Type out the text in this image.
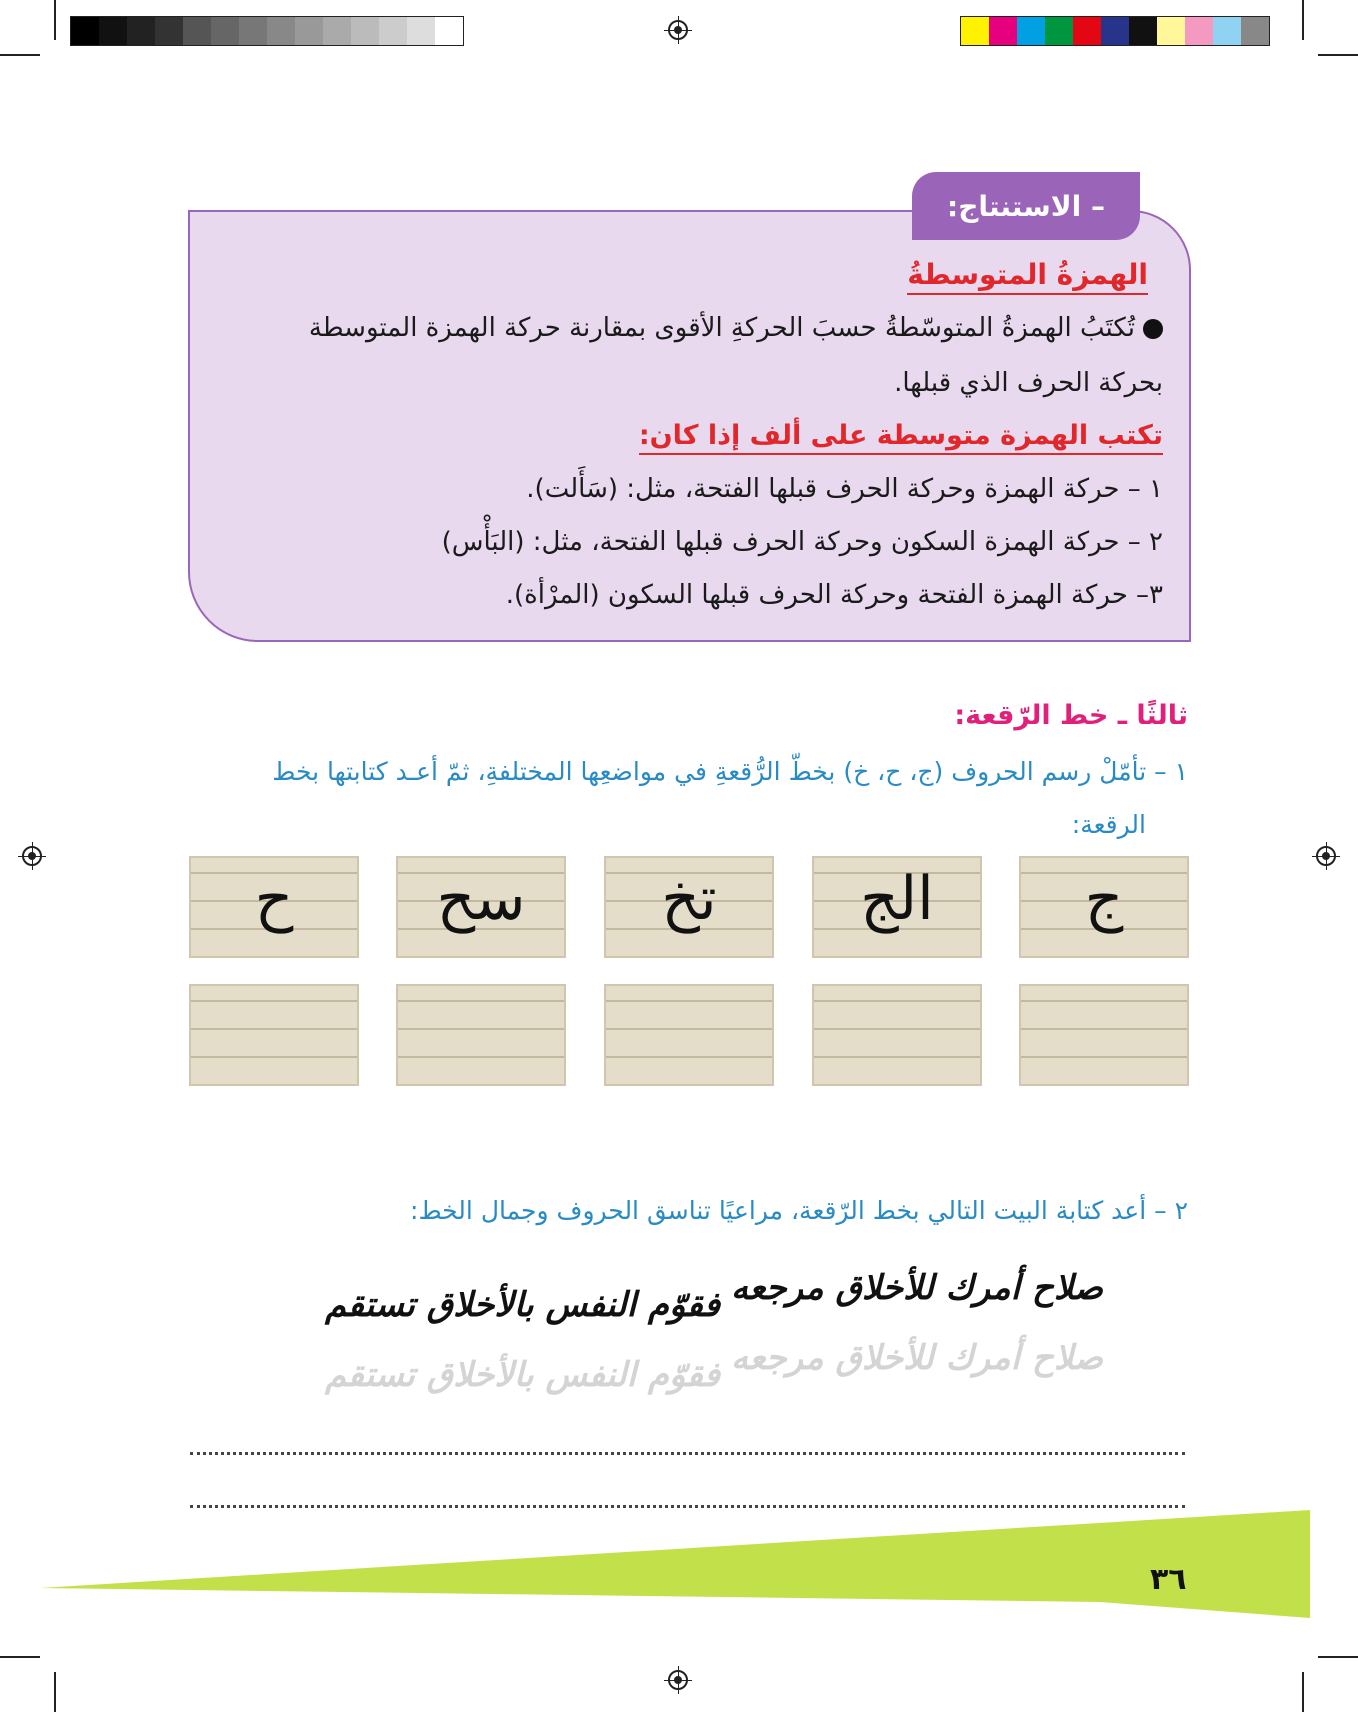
– الاستنتاج:
الهمزةُ المتوسطةُ
تُكتَبُ الهمزةُ المتوسّطةُ حسبَ الحركةِ الأقوى بمقارنة حركة الهمزة المتوسطة
بحركة الحرف الذي قبلها.
تكتب الهمزة متوسطة على ألف إذا كان:
١ – حركة الهمزة وحركة الحرف قبلها الفتحة، مثل: (سَأَلت).
٢ – حركة الهمزة السكون وحركة الحرف قبلها الفتحة، مثل: (البَأْس)
٣– حركة الهمزة الفتحة وحركة الحرف قبلها السكون (المرْأة).
ثالثًا ـ خط الرّقعة:
١ – تأمّلْ رسم الحروف (ج، ح، خ) بخطّ الرُّقعةِ في مواضعِها المختلفةِ، ثمّ أعـد كتابتها بخط
الرقعة:
ج
الج
تخ
سح
ح
٢ – أعد كتابة البيت التالي بخط الرّقعة، مراعيًا تناسق الحروف وجمال الخط:
صلاح أمرك للأخلاق مرجعه
فقوّم النفس بالأخلاق تستقم
صلاح أمرك للأخلاق مرجعه
فقوّم النفس بالأخلاق تستقم
٣٦
